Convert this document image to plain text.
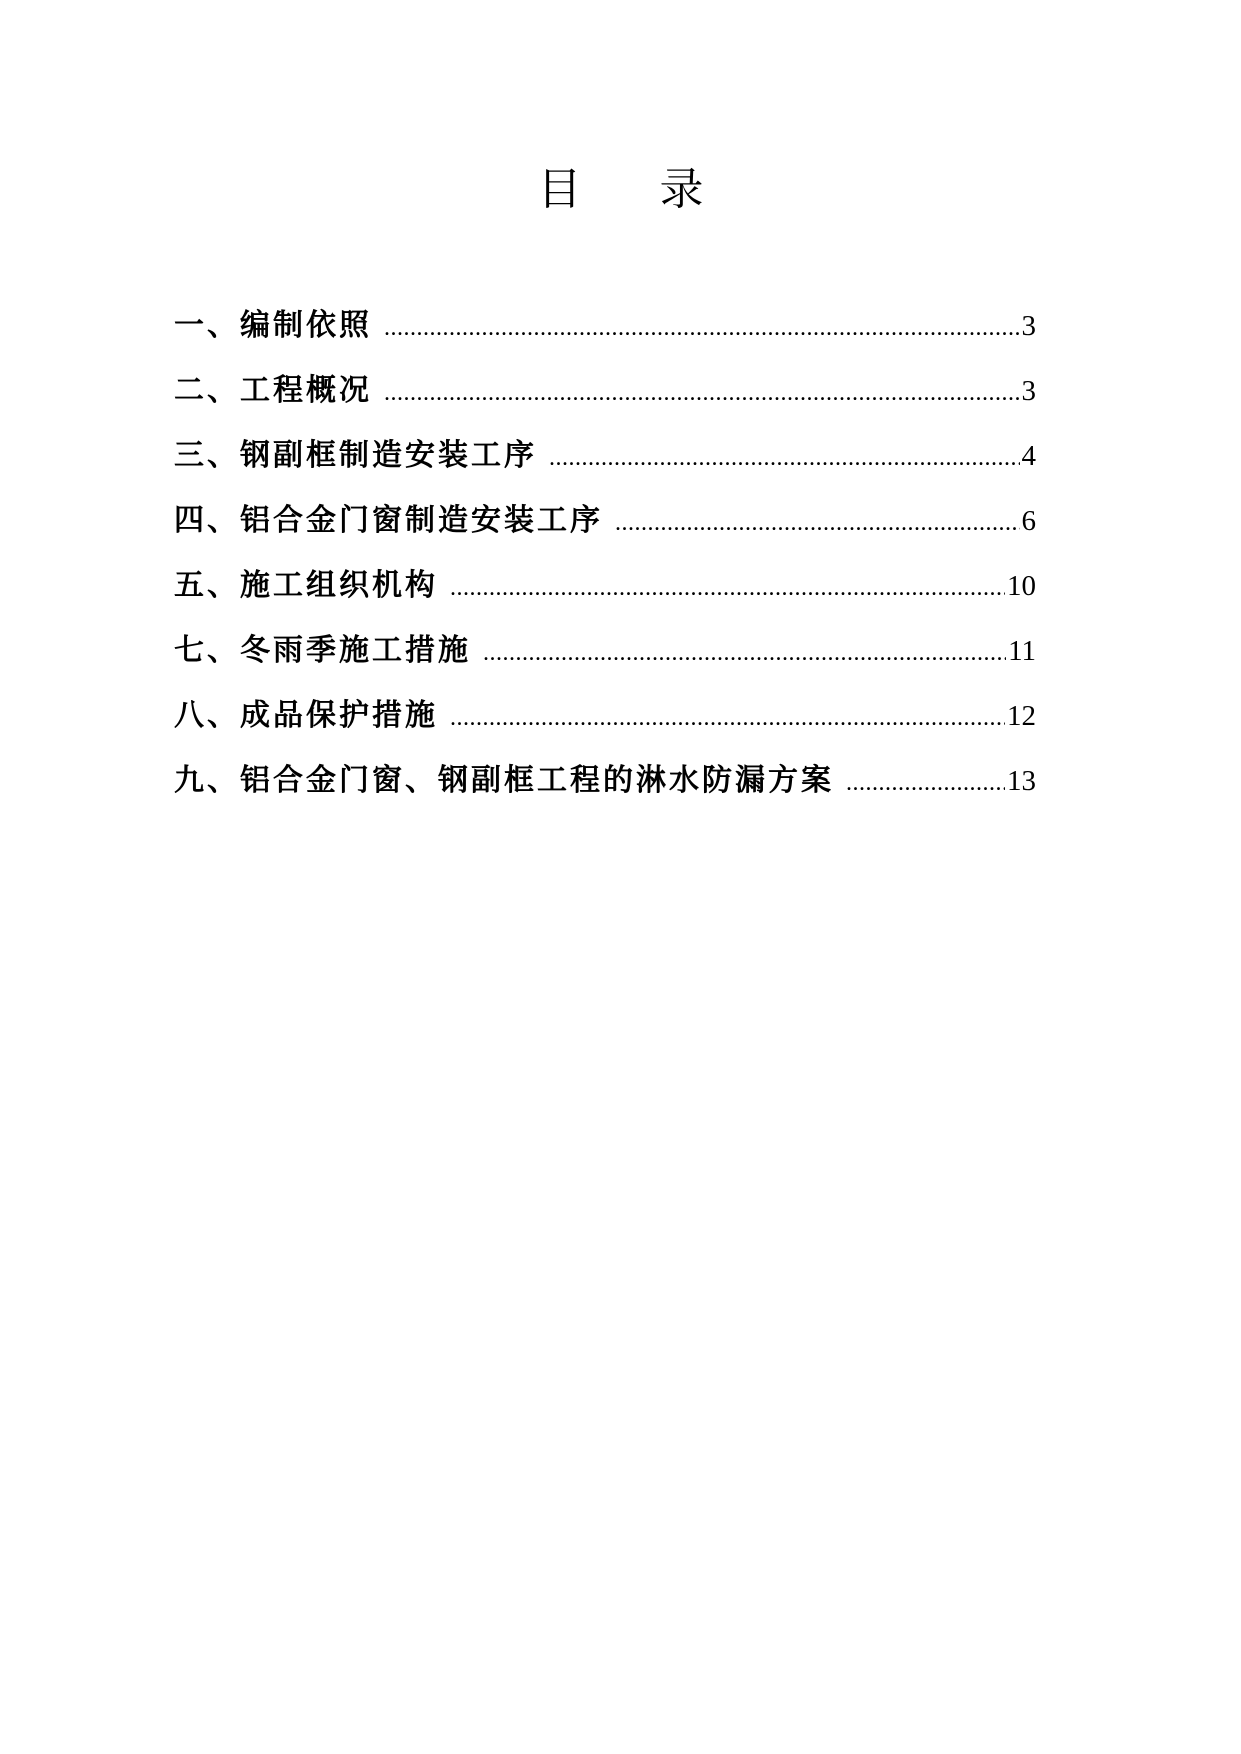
目 录
一、编制依照 .....	3
二、工程概况 .....	3
三、钢副框制造安装工序 .....	4
四、铝合金门窗制造安装工序 .....	6
五、施工组织机构 .....	10
七、冬雨季施工措施 .....	11
八、成品保护措施 .....	12
九、铝合金门窗、钢副框工程的淋水防漏方案 .....	13
